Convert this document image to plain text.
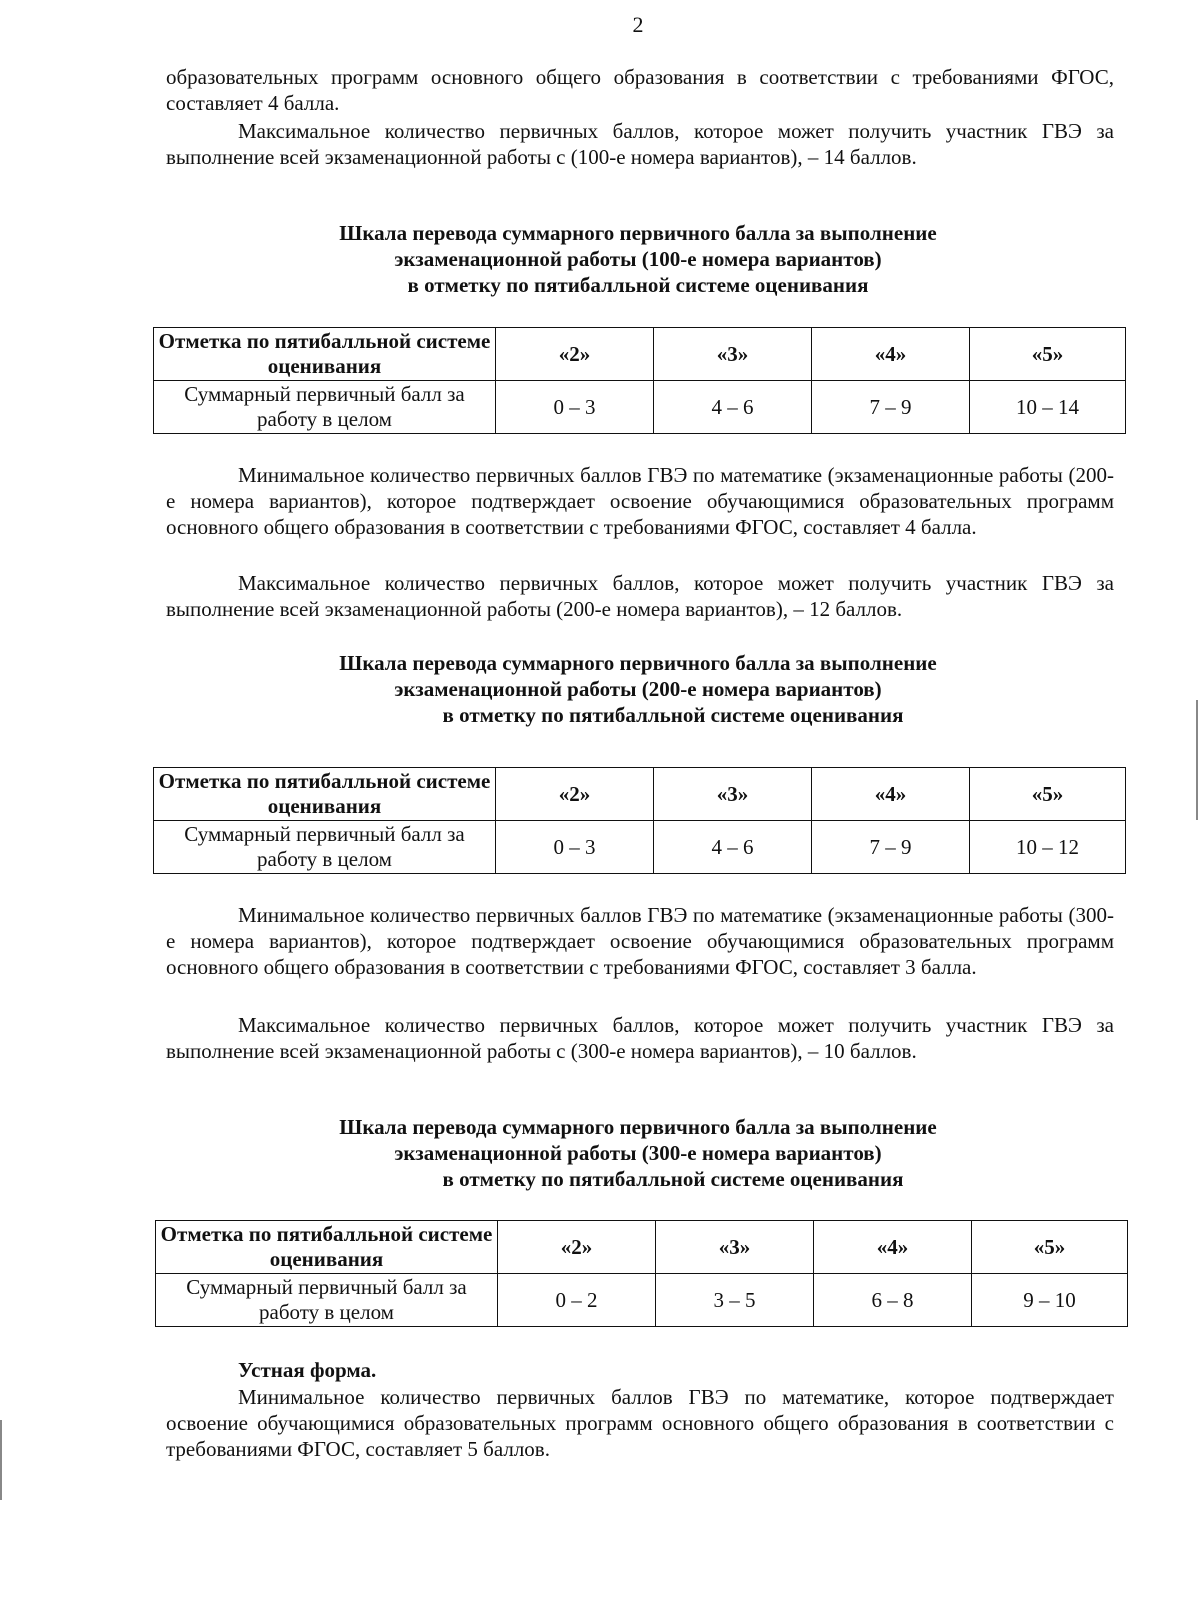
2

образовательных программ основного общего образования в соответствии с требованиями ФГОС, составляет 4 балла.

Максимальное количество первичных баллов, которое может получить участник ГВЭ за выполнение всей экзаменационной работы с (100-е номера вариантов), – 14 баллов.

Шкала перевода суммарного первичного балла за выполнение
экзаменационной работы (100-е номера вариантов)
в отметку по пятибалльной системе оценивания
Отметка по пятибалльной системе оценивания	«2»	«3»	«4»	«5»
Суммарный первичный балл за работу в целом	0 – 3	4 – 6	7 – 9	10 – 14

Минимальное количество первичных баллов ГВЭ по математике (экзаменационные работы (200-е номера вариантов), которое подтверждает освоение обучающимися образовательных программ основного общего образования в соответствии с требованиями ФГОС, составляет 4 балла.

Максимальное количество первичных баллов, которое может получить участник ГВЭ за выполнение всей экзаменационной работы (200-е номера вариантов), – 12 баллов.

Шкала перевода суммарного первичного балла за выполнение
экзаменационной работы (200-е номера вариантов)
в отметку по пятибалльной системе оценивания
Отметка по пятибалльной системе оценивания	«2»	«3»	«4»	«5»
Суммарный первичный балл за работу в целом	0 – 3	4 – 6	7 – 9	10 – 12

Минимальное количество первичных баллов ГВЭ по математике (экзаменационные работы (300-е номера вариантов), которое подтверждает освоение обучающимися образовательных программ основного общего образования в соответствии с требованиями ФГОС, составляет 3 балла.

Максимальное количество первичных баллов, которое может получить участник ГВЭ за выполнение всей экзаменационной работы с (300-е номера вариантов), – 10 баллов.

Шкала перевода суммарного первичного балла за выполнение
экзаменационной работы (300-е номера вариантов)
в отметку по пятибалльной системе оценивания
Отметка по пятибалльной системе оценивания	«2»	«3»	«4»	«5»
Суммарный первичный балл за работу в целом	0 – 2	3 – 5	6 – 8	9 – 10

Устная форма.

Минимальное количество первичных баллов ГВЭ по математике, которое подтверждает освоение обучающимися образовательных программ основного общего образования в соответствии с требованиями ФГОС, составляет 5 баллов.
